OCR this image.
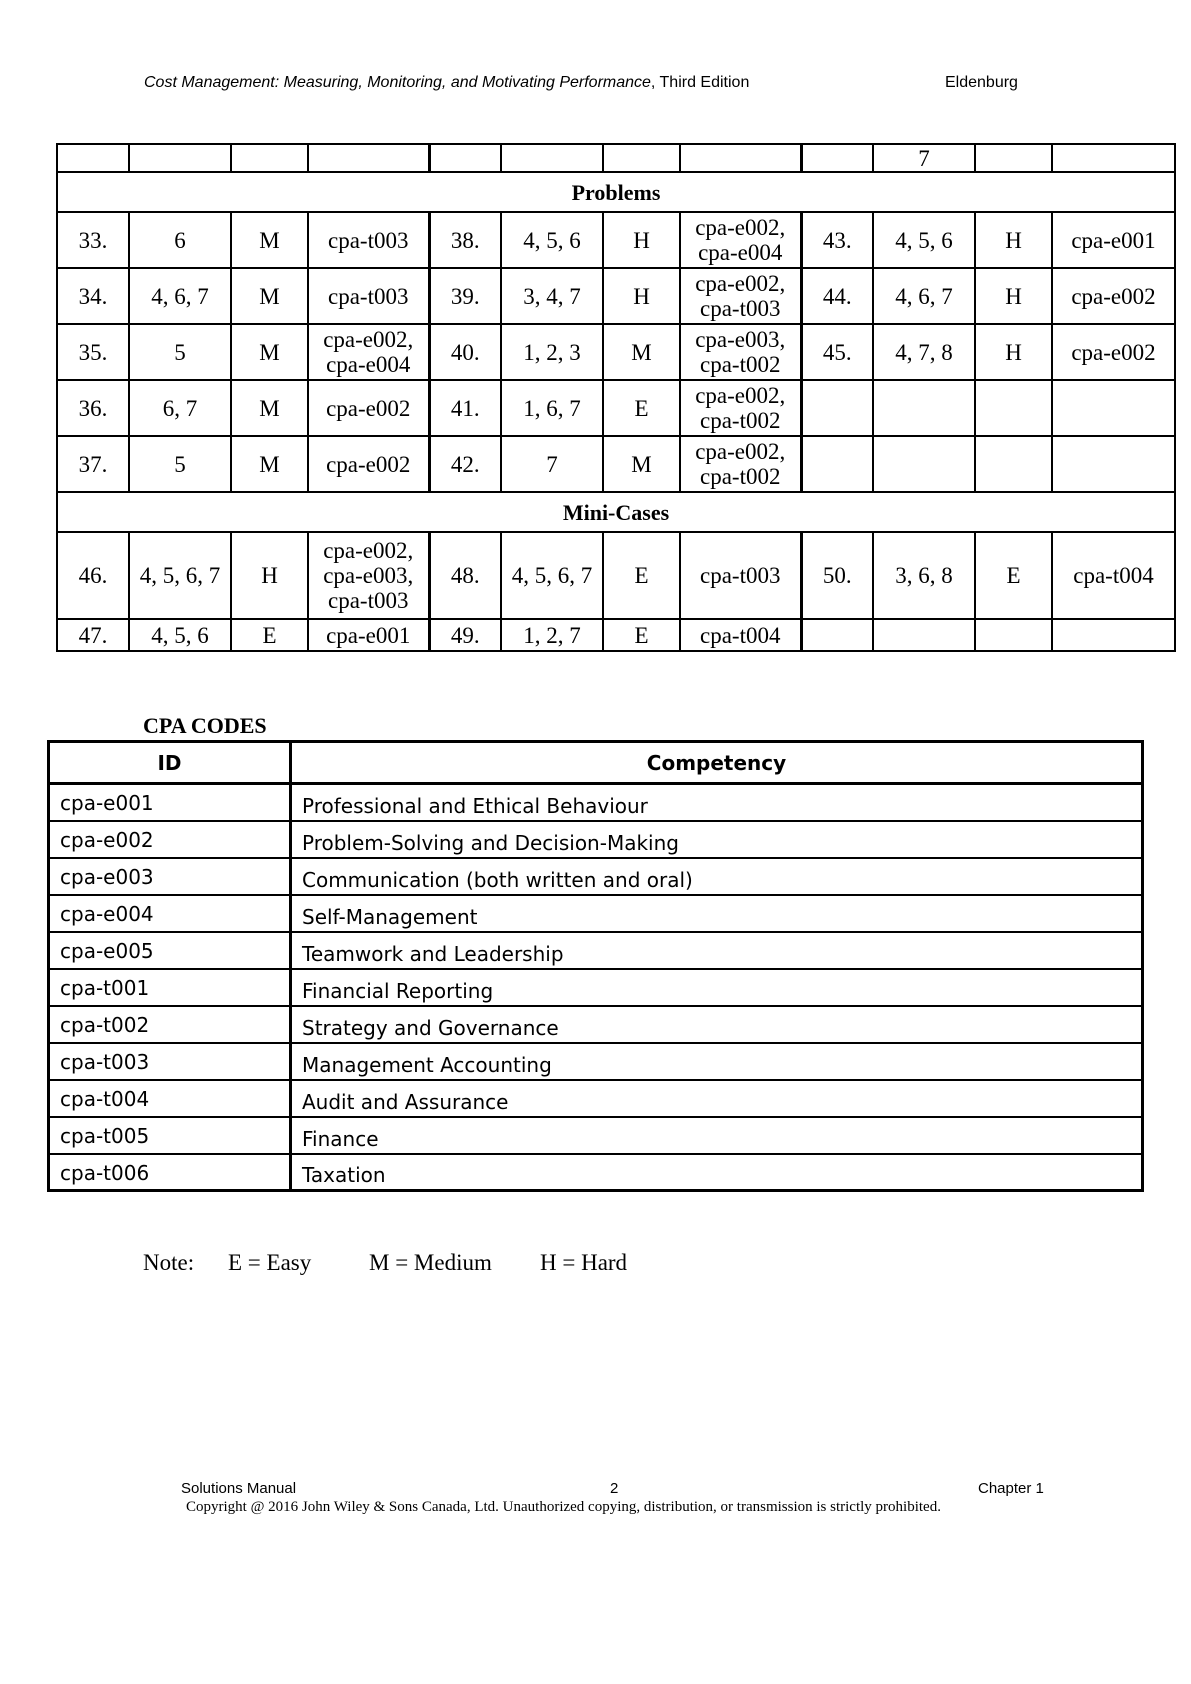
Cost Management: Measuring, Monitoring, and Motivating Performance, Third Edition	Eldenburg
									7		
Problems											
33.	6	M	cpa-t003	38.	4, 5, 6	H	cpa-e002, cpa-e004	43.	4, 5, 6	H	cpa-e001
34.	4, 6, 7	M	cpa-t003	39.	3, 4, 7	H	cpa-e002, cpa-t003	44.	4, 6, 7	H	cpa-e002
35.	5	M	cpa-e002, cpa-e004	40.	1, 2, 3	M	cpa-e003, cpa-t002	45.	4, 7, 8	H	cpa-e002
36.	6, 7	M	cpa-e002	41.	1, 6, 7	E	cpa-e002, cpa-t002				
37.	5	M	cpa-e002	42.	7	M	cpa-e002, cpa-t002				
Mini-Cases											
46.	4, 5, 6, 7	H	cpa-e002, cpa-e003, cpa-t003	48.	4, 5, 6, 7	E	cpa-t003	50.	3, 6, 8	E	cpa-t004
47.	4, 5, 6	E	cpa-e001	49.	1, 2, 7	E	cpa-t004				
CPA CODES
ID	Competency
cpa-e001	Professional and Ethical Behaviour
cpa-e002	Problem-Solving and Decision-Making
cpa-e003	Communication (both written and oral)
cpa-e004	Self-Management
cpa-e005	Teamwork and Leadership
cpa-t001	Financial Reporting
cpa-t002	Strategy and Governance
cpa-t003	Management Accounting
cpa-t004	Audit and Assurance
cpa-t005	Finance
cpa-t006	Taxation
Note: E = Easy	M = Medium H = Hard
Solutions Manual	2	Chapter 1
Copyright @ 2016 John Wiley & Sons Canada, Ltd. Unauthorized copying, distribution, or transmission is strictly prohibited.
